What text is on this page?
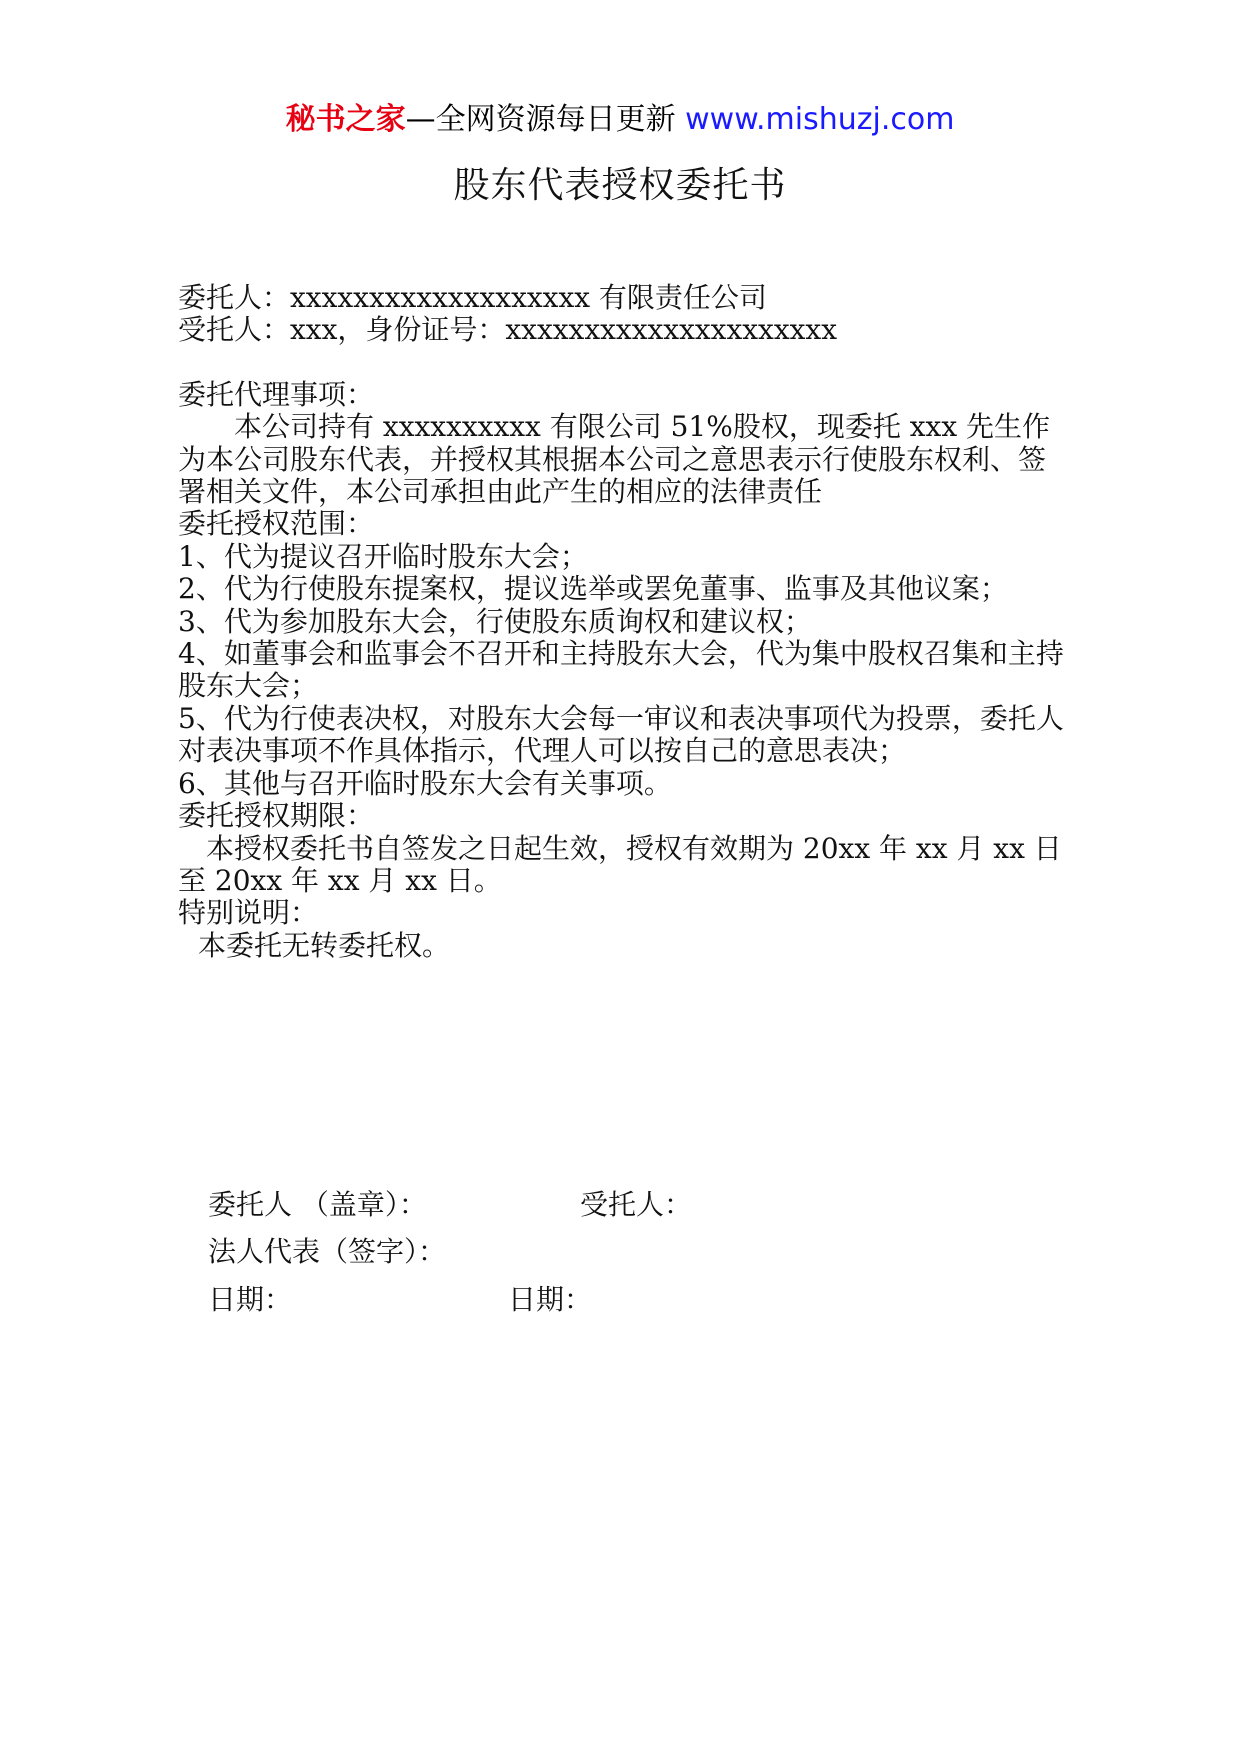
秘书之家—全网资源每日更新 www.mishuzj.com
股东代表授权委托书

委托人：xxxxxxxxxxxxxxxxxxx 有限责任公司

受托人：xxx，身份证号：xxxxxxxxxxxxxxxxxxxxx

委托代理事项：

本公司持有 xxxxxxxxxx 有限公司 51%股权，现委托 xxx 先生作为本公司股东代表，并授权其根据本公司之意思表示行使股东权利、签署相关文件，本公司承担由此产生的相应的法律责任

委托授权范围：

1、代为提议召开临时股东大会；

2、代为行使股东提案权，提议选举或罢免董事、监事及其他议案；

3、代为参加股东大会，行使股东质询权和建议权；

4、如董事会和监事会不召开和主持股东大会，代为集中股权召集和主持股东大会；

5、代为行使表决权，对股东大会每一审议和表决事项代为投票，委托人对表决事项不作具体指示，代理人可以按自己的意思表决；

6、其他与召开临时股东大会有关事项。

委托授权期限：

本授权委托书自签发之日起生效，授权有效期为 20xx 年 xx 月 xx 日至 20xx 年 xx 月 xx 日。

特别说明：

本委托无转委托权。

委托人 （盖章）：	受托人：
法人代表（签字）：
日期：	日期：
